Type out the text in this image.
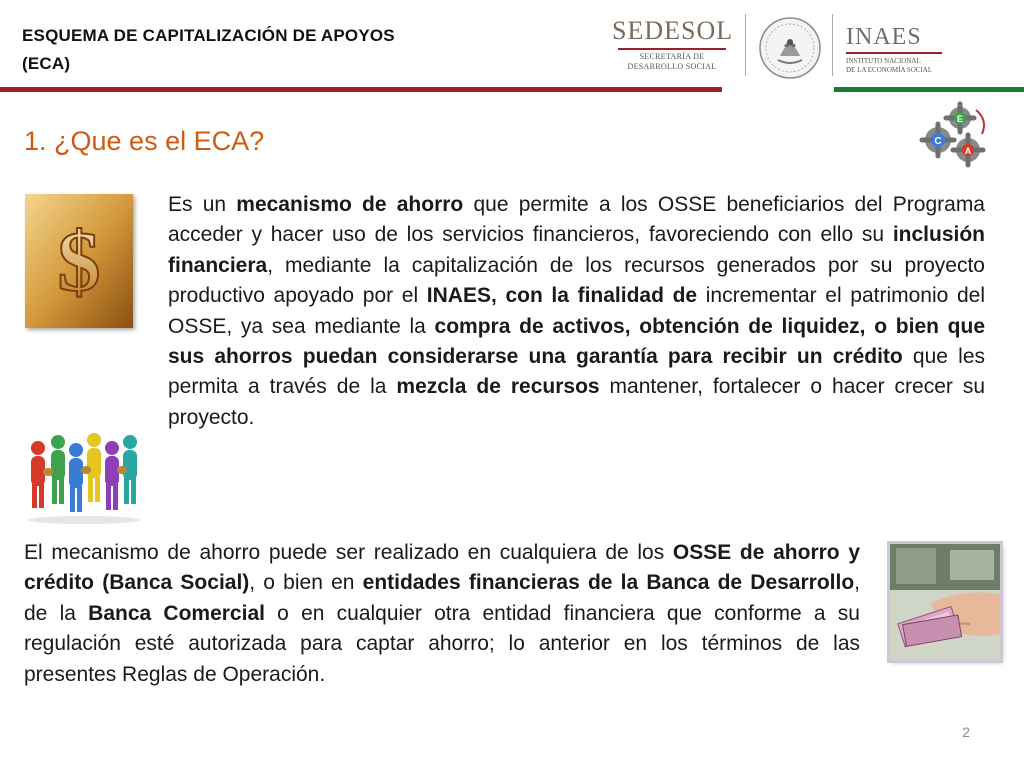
ESQUEMA DE CAPITALIZACIÓN DE APOYOS
(ECA)
SEDESOL
SECRETARÍA DE
DESARROLLO SOCIAL
INAES
INSTITUTO NACIONAL
DE LA ECONOMÍA SOCIAL
E
C
A
1. ¿Que es el ECA?
$
Es un mecanismo de ahorro que permite a los OSSE beneficiarios del Programa acceder y hacer uso de los servicios financieros, favoreciendo con ello su inclusión financiera, mediante la capitalización de los recursos generados por su proyecto productivo apoyado por el INAES, con la finalidad de incrementar el patrimonio del OSSE, ya sea mediante la compra de activos, obtención de liquidez, o bien que sus ahorros puedan considerarse una garantía para recibir un crédito que les permita a través de la mezcla de recursos mantener, fortalecer o hacer crecer su proyecto.
El mecanismo de ahorro puede ser realizado en cualquiera de los OSSE de ahorro y crédito (Banca Social), o bien en entidades financieras de la Banca de Desarrollo, de la Banca Comercial o en cualquier otra entidad financiera que conforme a su regulación esté autorizada para captar ahorro; lo anterior en los términos de las presentes Reglas de Operación.
2
